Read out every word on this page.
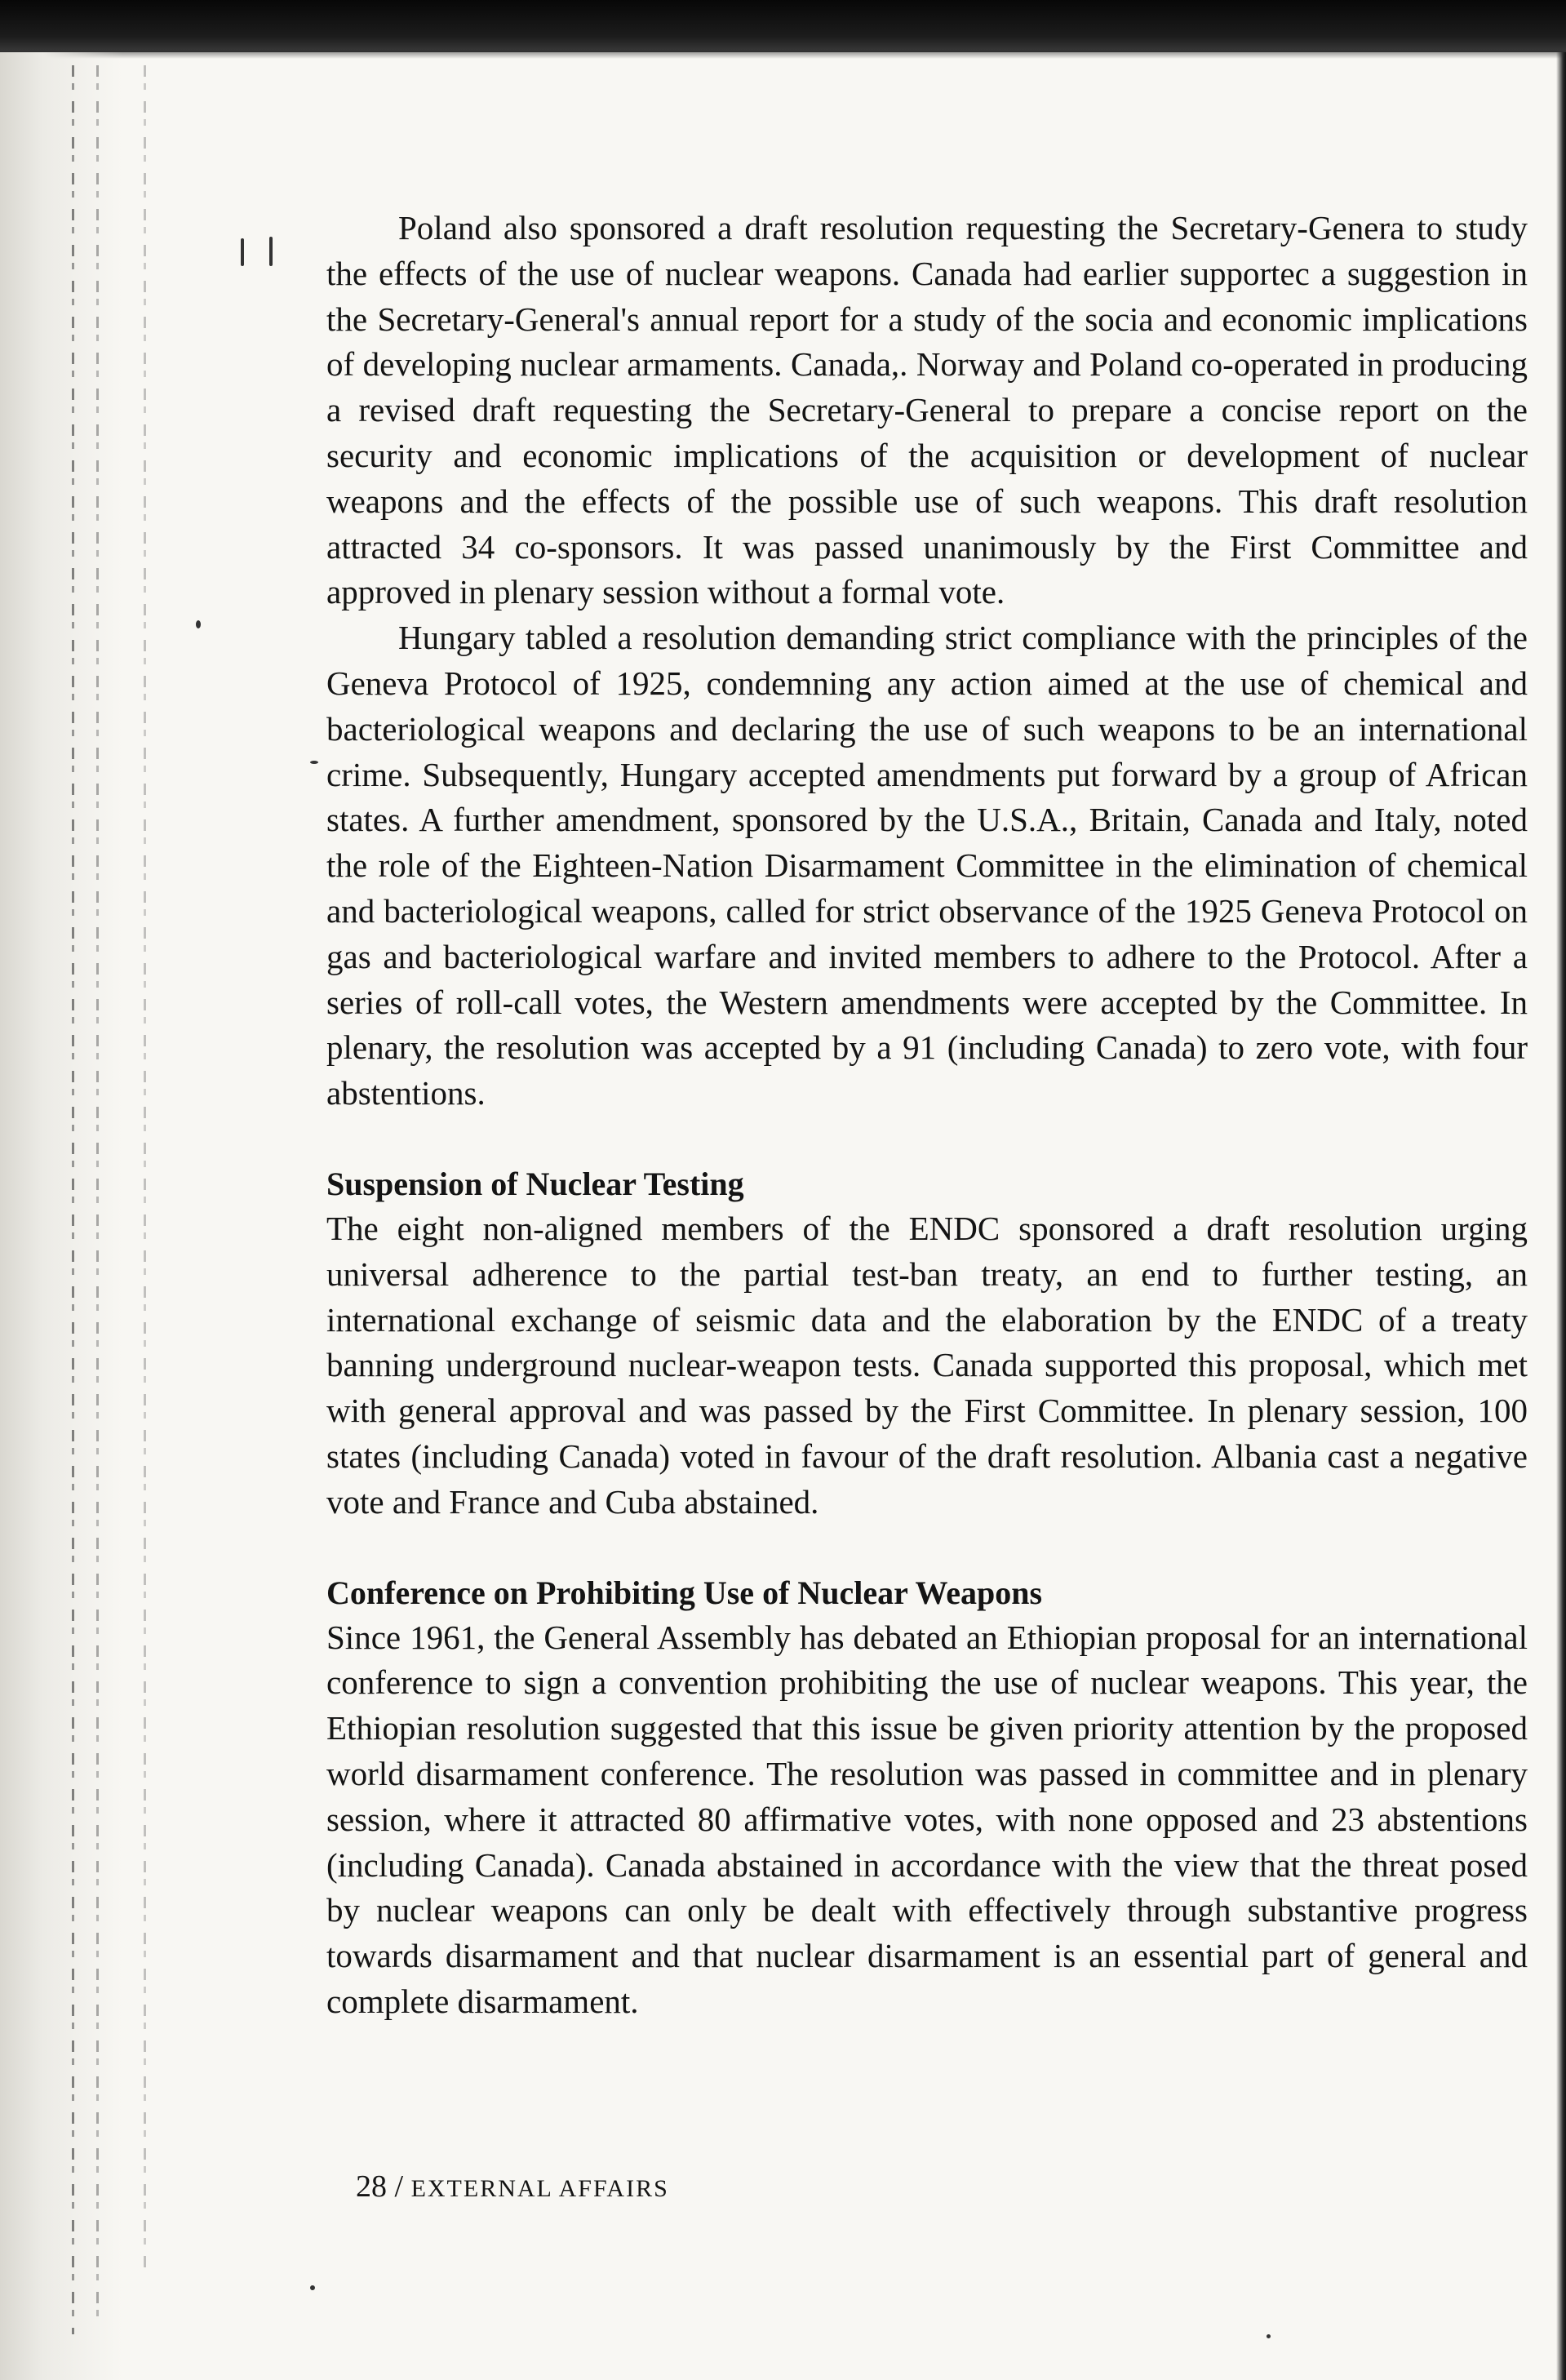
Poland also sponsored a draft resolution requesting the Secretary-Genera to study the effects of the use of nuclear weapons. Canada had earlier supportec a suggestion in the Secretary-General's annual report for a study of the socia and economic implications of developing nuclear armaments. Canada,. Norway and Poland co-operated in producing a revised draft requesting the Secretary-General to prepare a concise report on the security and economic implications of the acquisition or development of nuclear weapons and the effects of the possible use of such weapons. This draft resolution attracted 34 co-sponsors. It was passed unanimously by the First Committee and approved in plenary session without a formal vote.

Hungary tabled a resolution demanding strict compliance with the principles of the Geneva Protocol of 1925, condemning any action aimed at the use of chemical and bacteriological weapons and declaring the use of such weapons to be an international crime. Subsequently, Hungary accepted amendments put forward by a group of African states. A further amendment, sponsored by the U.S.A., Britain, Canada and Italy, noted the role of the Eighteen-Nation Disarmament Committee in the elimination of chemical and bacteriological weapons, called for strict observance of the 1925 Geneva Protocol on gas and bacteriological warfare and invited members to adhere to the Protocol. After a series of roll-call votes, the Western amendments were accepted by the Committee. In plenary, the resolution was accepted by a 91 (including Canada) to zero vote, with four abstentions.

Suspension of Nuclear Testing

The eight non-aligned members of the ENDC sponsored a draft resolution urging universal adherence to the partial test-ban treaty, an end to further testing, an international exchange of seismic data and the elaboration by the ENDC of a treaty banning underground nuclear-weapon tests. Canada supported this proposal, which met with general approval and was passed by the First Committee. In plenary session, 100 states (including Canada) voted in favour of the draft resolution. Albania cast a negative vote and France and Cuba abstained.

Conference on Prohibiting Use of Nuclear Weapons

Since 1961, the General Assembly has debated an Ethiopian proposal for an international conference to sign a convention prohibiting the use of nuclear weapons. This year, the Ethiopian resolution suggested that this issue be given priority attention by the proposed world disarmament conference. The resolution was passed in committee and in plenary session, where it attracted 80 affirmative votes, with none opposed and 23 abstentions (including Canada). Canada abstained in accordance with the view that the threat posed by nuclear weapons can only be dealt with effectively through substantive progress towards disarmament and that nuclear disarmament is an essential part of general and complete disarmament.

28 / EXTERNAL AFFAIRS
